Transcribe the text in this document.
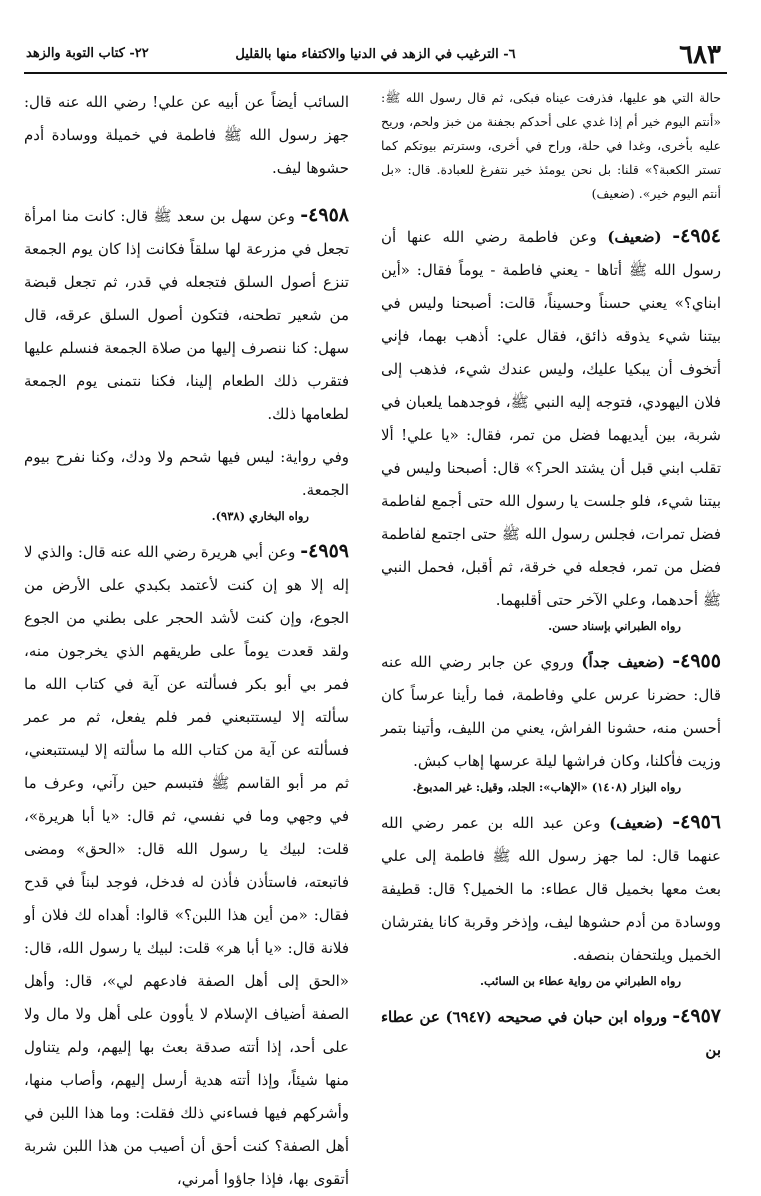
٦٨٣
٦- الترغيب في الزهد في الدنيا والاكتفاء منها بالقليل
٢٢- كتاب التوبة والزهد

حالة التي هو عليها، فذرفت عيناه فبكى، ثم قال رسول الله ﷺ: «أنتم اليوم خير أم إذا غدي على أحدكم بجفنة من خبز ولحم، وريح عليه بأخرى، وغدا في حلة، وراح في أخرى، وسترتم بيوتكم كما تستر الكعبة؟» قلنا: بل نحن يومئذ خير نتفرغ للعبادة. قال: «بل أنتم اليوم خير». (ضعيف)

٤٩٥٤- (ضعيف) وعن فاطمة رضي الله عنها أن رسول الله ﷺ أتاها - يعني فاطمة - يوماً فقال: «أين ابناي؟» يعني حسناً وحسيناً، قالت: أصبحنا وليس في بيتنا شيء يذوقه ذائق، فقال علي: أذهب بهما، فإني أتخوف أن يبكيا عليك، وليس عندك شيء، فذهب إلى فلان اليهودي، فتوجه إليه النبي ﷺ، فوجدهما يلعبان في شربة، بين أيديهما فضل من تمر، فقال: «يا علي! ألا تقلب ابني قبل أن يشتد الحر؟» قال: أصبحنا وليس في بيتنا شيء، فلو جلست يا رسول الله حتى أجمع لفاطمة فضل تمرات، فجلس رسول الله ﷺ حتى اجتمع لفاطمة فضل من تمر، فجعله في خرقة، ثم أقبل، فحمل النبي ﷺ أحدهما، وعلي الآخر حتى أقلبهما.

رواه الطبراني بإسناد حسن.

٤٩٥٥- (ضعيف جداً) وروي عن جابر رضي الله عنه قال: حضرنا عرس علي وفاطمة، فما رأينا عرساً كان أحسن منه، حشونا الفراش، يعني من الليف، وأتينا بتمر وزيت فأكلنا، وكان فراشها ليلة عرسها إهاب كبش.

رواه البزار (١٤٠٨) «الإهاب»: الجلد، وقيل: غير المدبوغ.

٤٩٥٦- (ضعيف) وعن عبد الله بن عمر رضي الله عنهما قال: لما جهز رسول الله ﷺ فاطمة إلى علي بعث معها بخميل قال عطاء: ما الخميل؟ قال: قطيفة ووسادة من أدم حشوها ليف، وإذخر وقربة كانا يفترشان الخميل ويلتحفان بنصفه.

رواه الطبراني من رواية عطاء بن السائب.

٤٩٥٧- ورواه ابن حبان في صحيحه (٦٩٤٧) عن عطاء بن

السائب أيضاً عن أبيه عن علي! رضي الله عنه قال: جهز رسول الله ﷺ فاطمة في خميلة ووسادة أدم حشوها ليف.

٤٩٥٨- وعن سهل بن سعد ﷺ قال: كانت منا امرأة تجعل في مزرعة لها سلقاً فكانت إذا كان يوم الجمعة تنزع أصول السلق فتجعله في قدر، ثم تجعل قبضة من شعير تطحنه، فتكون أصول السلق عرقه، قال سهل: كنا ننصرف إليها من صلاة الجمعة فنسلم عليها فتقرب ذلك الطعام إلينا، فكنا نتمنى يوم الجمعة لطعامها ذلك.

وفي رواية: ليس فيها شحم ولا ودك، وكنا نفرح بيوم الجمعة.

رواه البخاري (٩٣٨).

٤٩٥٩- وعن أبي هريرة رضي الله عنه قال: والذي لا إله إلا هو إن كنت لأعتمد بكبدي على الأرض من الجوع، وإن كنت لأشد الحجر على بطني من الجوع ولقد قعدت يوماً على طريقهم الذي يخرجون منه، فمر بي أبو بكر فسألته عن آية في كتاب الله ما سألته إلا ليستتبعني فمر فلم يفعل، ثم مر عمر فسألته عن آية من كتاب الله ما سألته إلا ليستتبعني، ثم مر أبو القاسم ﷺ فتبسم حين رآني، وعرف ما في وجهي وما في نفسي، ثم قال: «يا أبا هريرة»، قلت: لبيك يا رسول الله قال: «الحق» ومضى فاتبعته، فاستأذن فأذن له فدخل، فوجد لبناً في قدح فقال: «من أين هذا اللبن؟» قالوا: أهداه لك فلان أو فلانة قال: «يا أبا هر» قلت: لبيك يا رسول الله، قال: «الحق إلى أهل الصفة فادعهم لي»، قال: وأهل الصفة أضياف الإسلام لا يأوون على أهل ولا مال ولا على أحد، إذا أتته صدقة بعث بها إليهم، ولم يتناول منها شيئاً، وإذا أتته هدية أرسل إليهم، وأصاب منها، وأشركهم فيها فساءني ذلك فقلت: وما هذا اللبن في أهل الصفة؟ كنت أحق أن أصيب من هذا اللبن شربة أتقوى بها، فإذا جاؤوا أمرني،
